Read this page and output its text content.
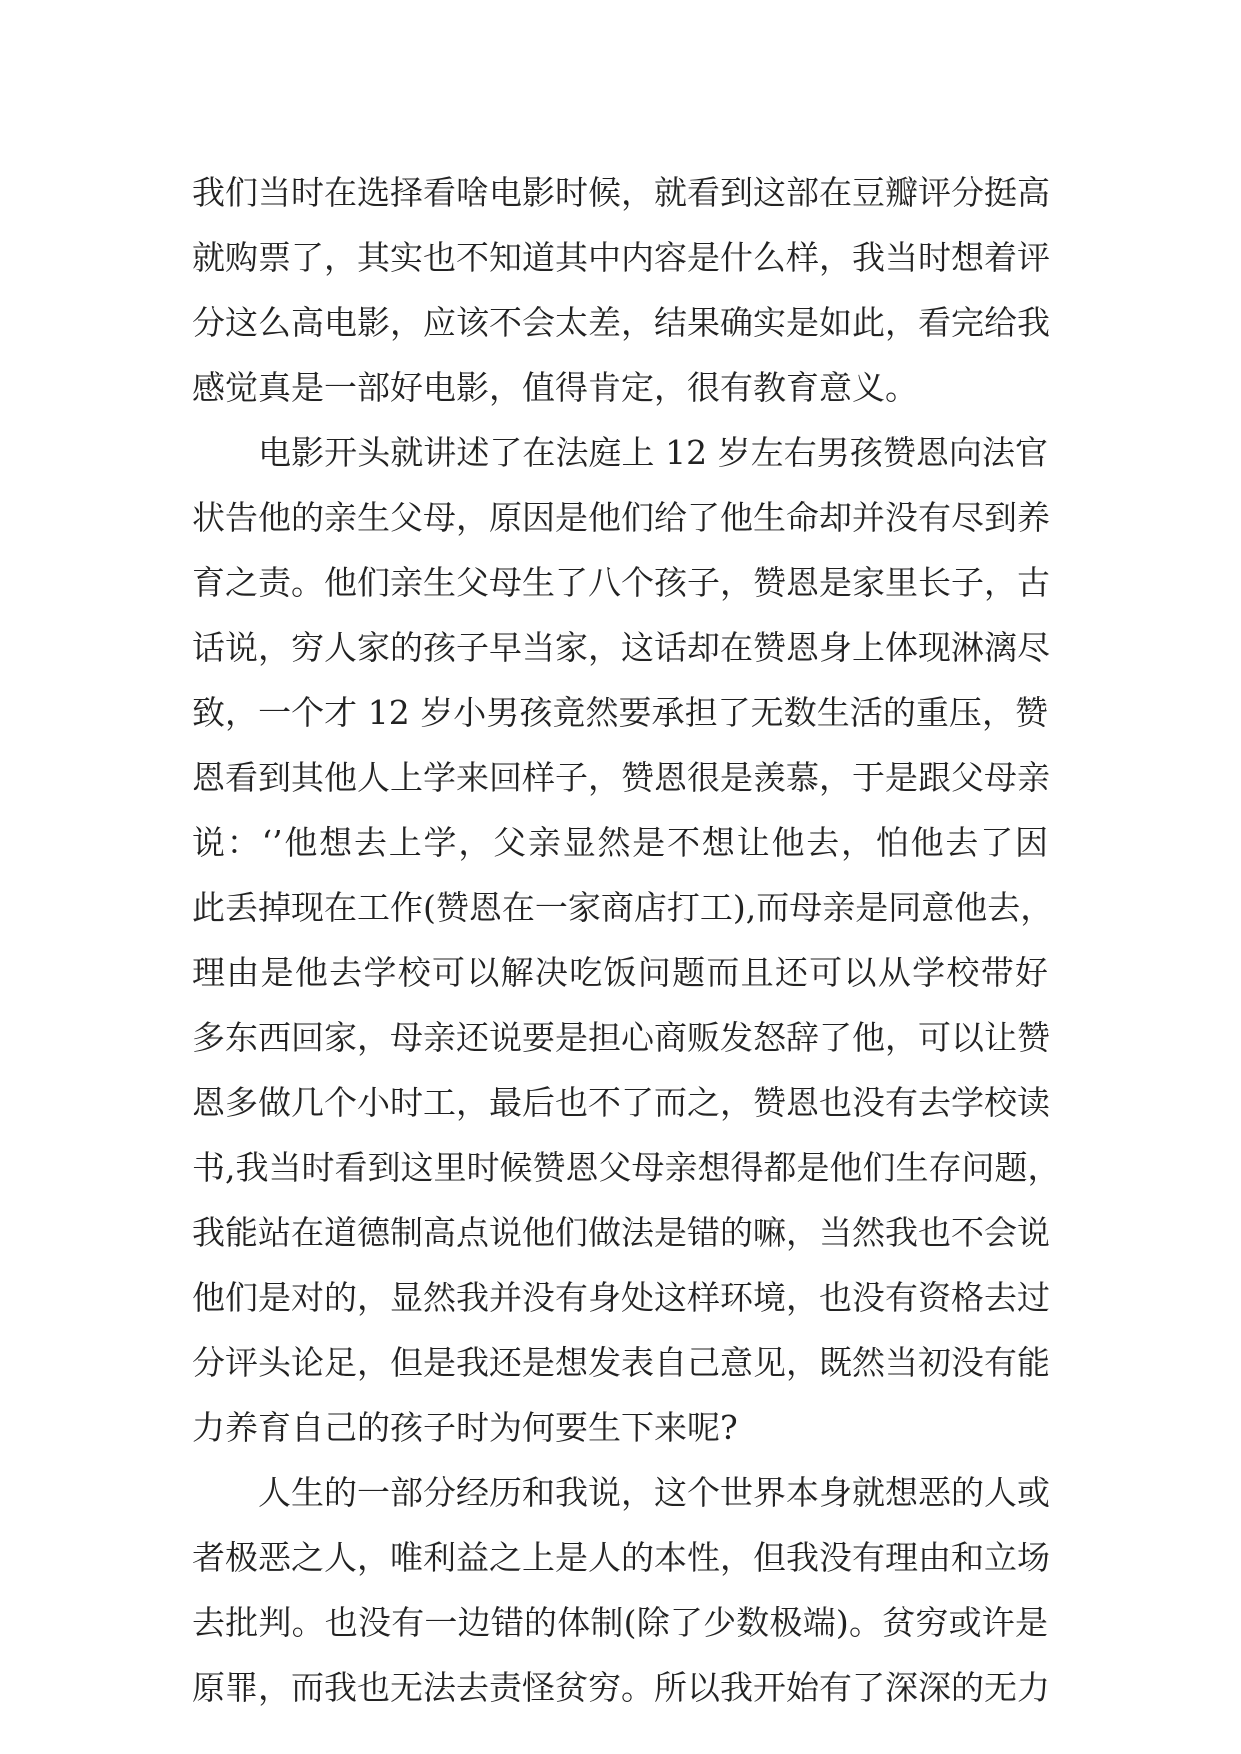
我们当时在选择看啥电影时候，就看到这部在豆瓣评分挺高
就购票了，其实也不知道其中内容是什么样，我当时想着评
分这么高电影，应该不会太差，结果确实是如此，看完给我
感觉真是一部好电影，值得肯定，很有教育意义。
　　电影开头就讲述了在法庭上 12 岁左右男孩赞恩向法官
状告他的亲生父母，原因是他们给了他生命却并没有尽到养
育之责。他们亲生父母生了八个孩子，赞恩是家里长子，古
话说，穷人家的孩子早当家，这话却在赞恩身上体现淋漓尽
致，一个才 12 岁小男孩竟然要承担了无数生活的重压，赞
恩看到其他人上学来回样子，赞恩很是羡慕，于是跟父母亲
说：‘’他想去上学，父亲显然是不想让他去，怕他去了因
此丢掉现在工作(赞恩在一家商店打工),而母亲是同意他去，
理由是他去学校可以解决吃饭问题而且还可以从学校带好
多东西回家，母亲还说要是担心商贩发怒辞了他，可以让赞
恩多做几个小时工，最后也不了而之，赞恩也没有去学校读
书,我当时看到这里时候赞恩父母亲想得都是他们生存问题，
我能站在道德制高点说他们做法是错的嘛，当然我也不会说
他们是对的，显然我并没有身处这样环境，也没有资格去过
分评头论足，但是我还是想发表自己意见，既然当初没有能
力养育自己的孩子时为何要生下来呢?
　　人生的一部分经历和我说，这个世界本身就想恶的人或
者极恶之人，唯利益之上是人的本性，但我没有理由和立场
去批判。也没有一边错的体制(除了少数极端)。贫穷或许是
原罪，而我也无法去责怪贫穷。所以我开始有了深深的无力
